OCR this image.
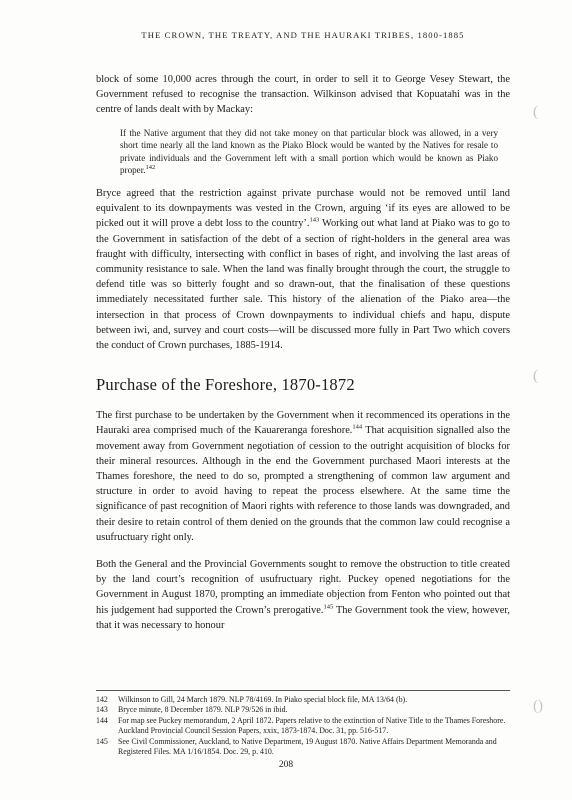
THE CROWN, THE TREATY, AND THE HAURAKI TRIBES, 1800-1885

block of some 10,000 acres through the court, in order to sell it to George Vesey Stewart, the Government refused to recognise the transaction. Wilkinson advised that Kopuatahi was in the centre of lands dealt with by Mackay:

If the Native argument that they did not take money on that particular block was allowed, in a very short time nearly all the land known as the Piako Block would be wanted by the Natives for resale to private individuals and the Government left with a small portion which would be known as Piako proper.$^{142}$

Bryce agreed that the restriction against private purchase would not be removed until land equivalent to its downpayments was vested in the Crown, arguing ‘if its eyes are allowed to be picked out it will prove a debt loss to the country’.$^{143}$ Working out what land at Piako was to go to the Government in satisfaction of the debt of a section of right-holders in the general area was fraught with difficulty, intersecting with conflict in bases of right, and involving the last areas of community resistance to sale. When the land was finally brought through the court, the struggle to defend title was so bitterly fought and so drawn-out, that the finalisation of these questions immediately necessitated further sale. This history of the alienation of the Piako area—the intersection in that process of Crown downpayments to individual chiefs and hapu, dispute between iwi, and, survey and court costs—will be discussed more fully in Part Two which covers the conduct of Crown purchases, 1885-1914.

Purchase of the Foreshore, 1870-1872

The first purchase to be undertaken by the Government when it recommenced its operations in the Hauraki area comprised much of the Kauareranga foreshore.$^{144}$ That acquisition signalled also the movement away from Government negotiation of cession to the outright acquisition of blocks for their mineral resources. Although in the end the Government purchased Maori interests at the Thames foreshore, the need to do so, prompted a strengthening of common law argument and structure in order to avoid having to repeat the process elsewhere. At the same time the significance of past recognition of Maori rights with reference to those lands was downgraded, and their desire to retain control of them denied on the grounds that the common law could recognise a usufructuary right only.

Both the General and the Provincial Governments sought to remove the obstruction to title created by the land court’s recognition of usufructuary right. Puckey opened negotiations for the Government in August 1870, prompting an immediate objection from Fenton who pointed out that his judgement had supported the Crown’s prerogative.$^{145}$ The Government took the view, however, that it was necessary to honour

142	Wilkinson to Gill, 24 March 1879. NLP 78/4169. In Piako special block file, MA 13/64 (b).
143	Bryce minute, 8 December 1879. NLP 79/526 in ibid.
144	For map see Puckey memorandum, 2 April 1872. Papers relative to the extinction of Native Title to the Thames Foreshore. Auckland Provincial Council Session Papers, xxix, 1873-1874. Doc. 31, pp. 516-517.
145	See Civil Commissioner, Auckland, to Native Department, 19 August 1870. Native Affairs Department Memoranda and Registered Files. MA 1/16/1854. Doc. 29, p. 410.
208
(
(
()
